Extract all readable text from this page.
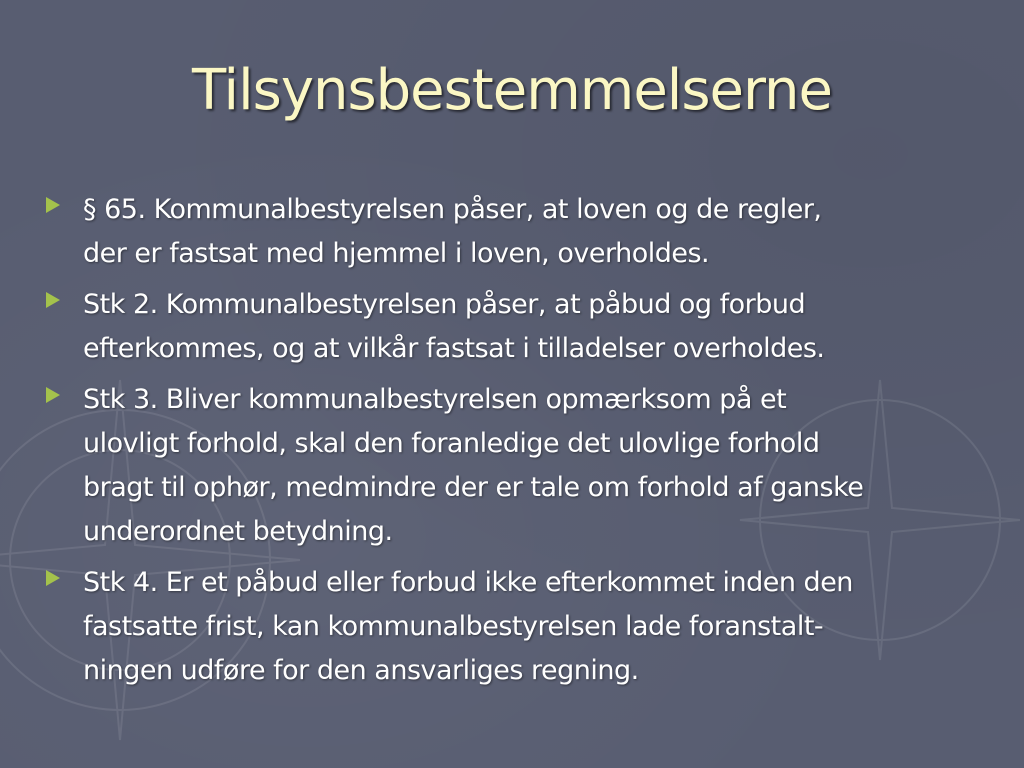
Tilsynsbestemmelserne
§ 65. Kommunalbestyrelsen påser, at loven og de regler,
der er fastsat med hjemmel i loven, overholdes.
Stk 2. Kommunalbestyrelsen påser, at påbud og forbud
efterkommes, og at vilkår fastsat i tilladelser overholdes.
Stk 3. Bliver kommunalbestyrelsen opmærksom på et
ulovligt forhold, skal den foranledige det ulovlige forhold
bragt til ophør, medmindre der er tale om forhold af ganske
underordnet betydning.
Stk 4. Er et påbud eller forbud ikke efterkommet inden den
fastsatte frist, kan kommunalbestyrelsen lade foranstalt-
ningen udføre for den ansvarliges regning.
